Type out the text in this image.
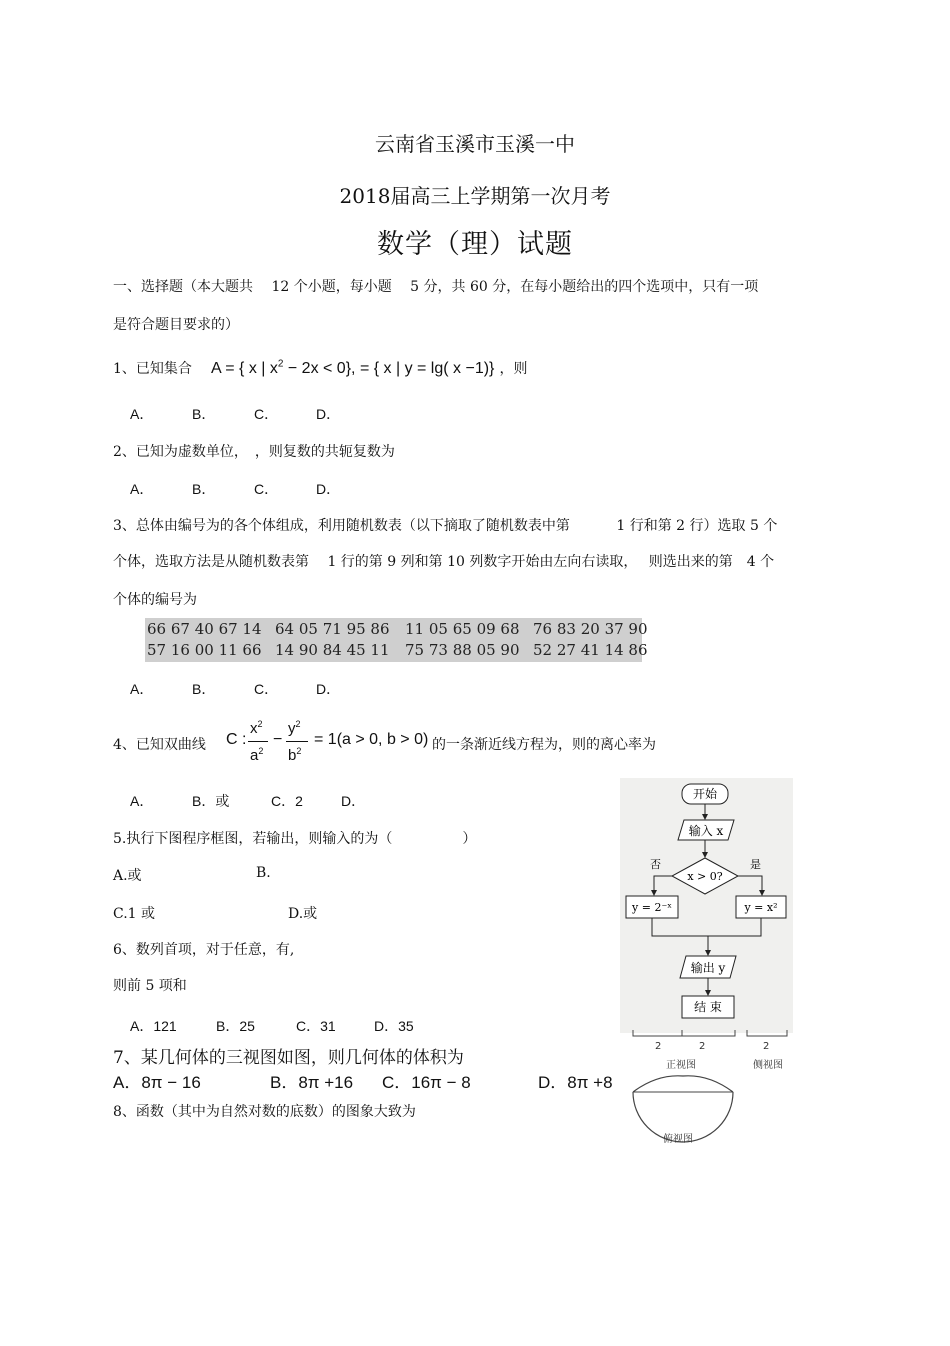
云南省玉溪市玉溪一中
2018届高三上学期第一次月考
数学（理）试题
一、选择题（本大题共　 12 个小题，每小题　 5 分，共 60 分，在每小题给出的四个选项中，只有一项
是符合题目要求的）
1、已知集合 A = { x | $x^2 - 2x < 0$}, = { x | y = lg( x −1)} ，则
A．	B．	C．	D．
2、已知为虚数单位，　，则复数的共轭复数为
A．	B．	C．	D．
3、总体由编号为的各个体组成，利用随机数表（以下摘取了随机数表中第　　　 1 行和第 2 行）选取 5 个
个体，选取方法是从随机数表第　 1 行的第 9 列和第 10 列数字开始由左向右读取，　 则选出来的第　4 个
个体的编号为
66 67 40 67 14 64 05 71 95 86 11 05 65 09 68 76 83 20 37 90
57 16 00 11 66 14 90 84 45 11 75 73 88 05 90 52 27 41 14 86
A．	B．	C．	D．
4、已知双曲线 C :
$x^2$
$a^2$
−
$y^2$
$b^2$
= 1(a > 0, b > 0) 的一条渐近线方程为，则的离心率为
A．	B．或	C．2	D．
5.执行下图程序框图，若输出，则输入的为（　　　　　）
A.或	B.
C.1 或	D.或
6、数列首项，对于任意，有,
则前 5 项和
A．121	B．25	C．31	D．35
7、某几何体的三视图如图，则几何体的体积为
A．8π − 16	B．8π +16 C．16π − 8	D．8π +8
8、函数（其中为自然对数的底数）的图象大致为
开始
输入 x
x > 0?
否	是
y = 2⁻ˣ	y = x²
输出 y
结 束
2	2	2
正视图	侧视图
俯视图
